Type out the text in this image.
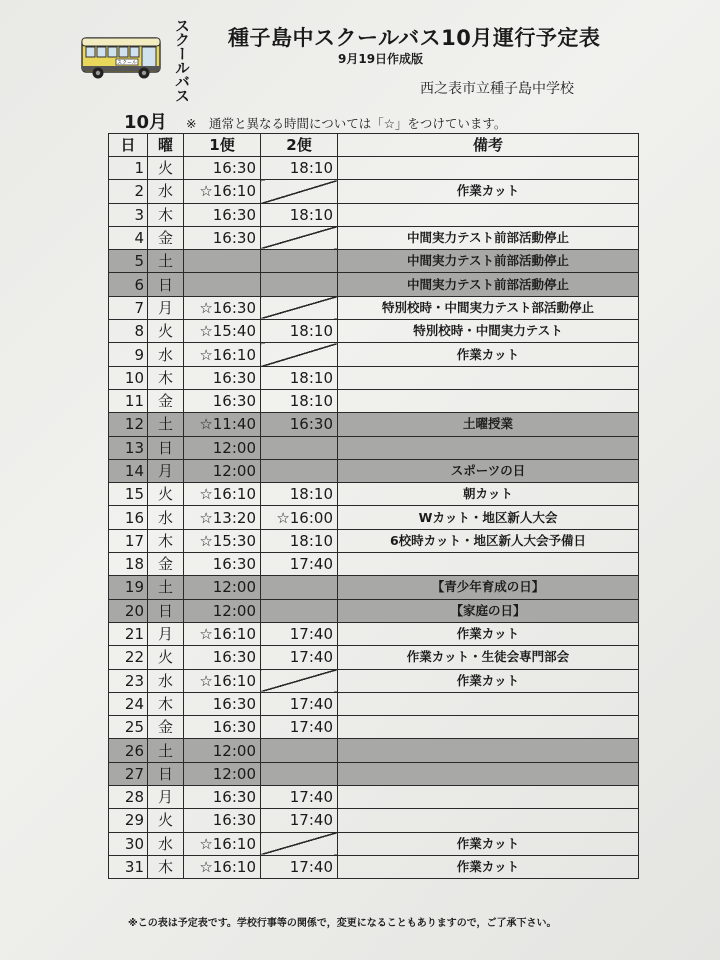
スクール	スクールバス 種子島中スクールバス10月運行予定表
9月19日作成版
西之表市立種子島中学校
10月 ※　通常と異なる時間については「☆」をつけています。
日	曜	1便	2便	備考
1	火	16:30	18:10	
2	水	☆16:10		作業カット
3	木	16:30	18:10	
4	金	16:30		中間実力テスト前部活動停止
5	土			中間実力テスト前部活動停止
6	日			中間実力テスト前部活動停止
7	月	☆16:30		特別校時・中間実力テスト部活動停止
8	火	☆15:40	18:10	特別校時・中間実力テスト
9	水	☆16:10		作業カット
10	木	16:30	18:10	
11	金	16:30	18:10	
12	土	☆11:40	16:30	土曜授業
13	日	12:00		
14	月	12:00		スポーツの日
15	火	☆16:10	18:10	朝カット
16	水	☆13:20	☆16:00	Wカット・地区新人大会
17	木	☆15:30	18:10	6校時カット・地区新人大会予備日
18	金	16:30	17:40	
19	土	12:00		【青少年育成の日】
20	日	12:00		【家庭の日】
21	月	☆16:10	17:40	作業カット
22	火	16:30	17:40	作業カット・生徒会専門部会
23	水	☆16:10		作業カット
24	木	16:30	17:40	
25	金	16:30	17:40	
26	土	12:00		
27	日	12:00		
28	月	16:30	17:40	
29	火	16:30	17:40	
30	水	☆16:10		作業カット
31	木	☆16:10	17:40	作業カット
※この表は予定表です。学校行事等の関係で，変更になることもありますので，ご了承下さい。
